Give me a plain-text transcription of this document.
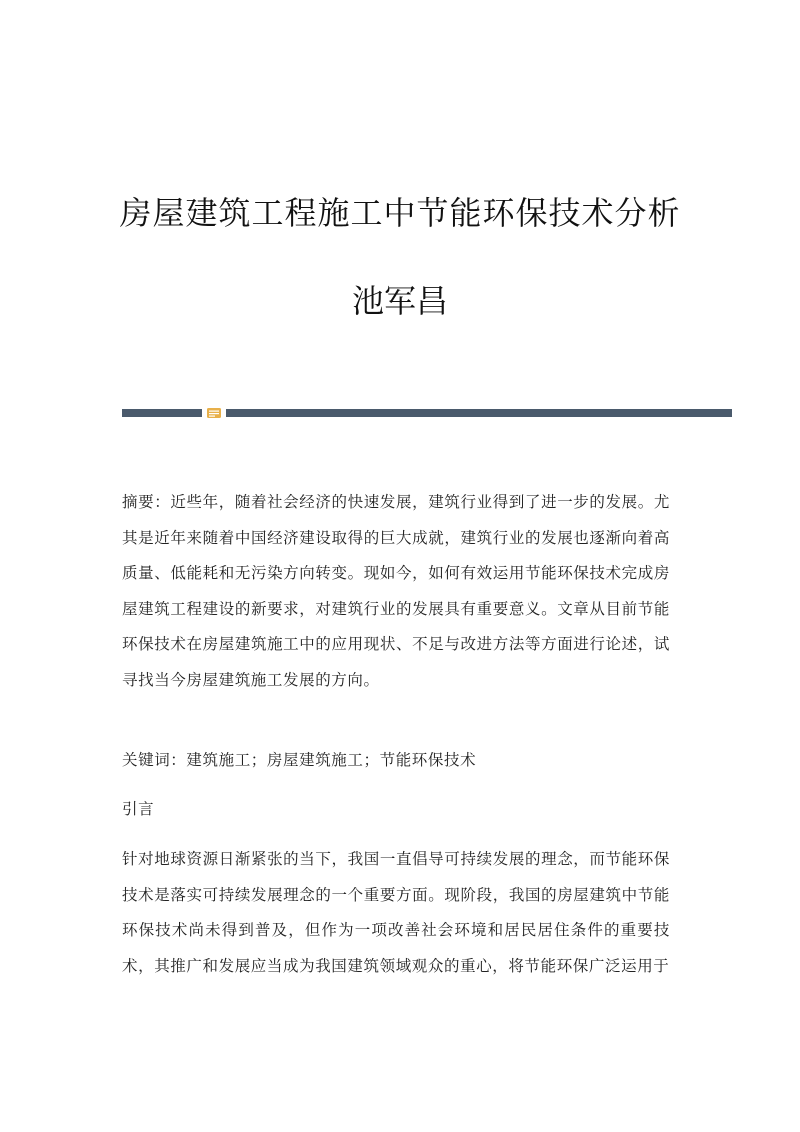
房屋建筑工程施工中节能环保技术分析
池军昌

摘要：近些年，随着社会经济的快速发展，建筑行业得到了进一步的发展。尤其是近年来随着中国经济建设取得的巨大成就，建筑行业的发展也逐渐向着高质量、低能耗和无污染方向转变。现如今，如何有效运用节能环保技术完成房屋建筑工程建设的新要求，对建筑行业的发展具有重要意义。文章从目前节能环保技术在房屋建筑施工中的应用现状、不足与改进方法等方面进行论述，试寻找当今房屋建筑施工发展的方向。

关键词：建筑施工；房屋建筑施工；节能环保技术

引言

针对地球资源日渐紧张的当下，我国一直倡导可持续发展的理念，而节能环保技术是落实可持续发展理念的一个重要方面。现阶段，我国的房屋建筑中节能环保技术尚未得到普及，但作为一项改善社会环境和居民居住条件的重要技术，其推广和发展应当成为我国建筑领域观众的重心，将节能环保广泛运用于
